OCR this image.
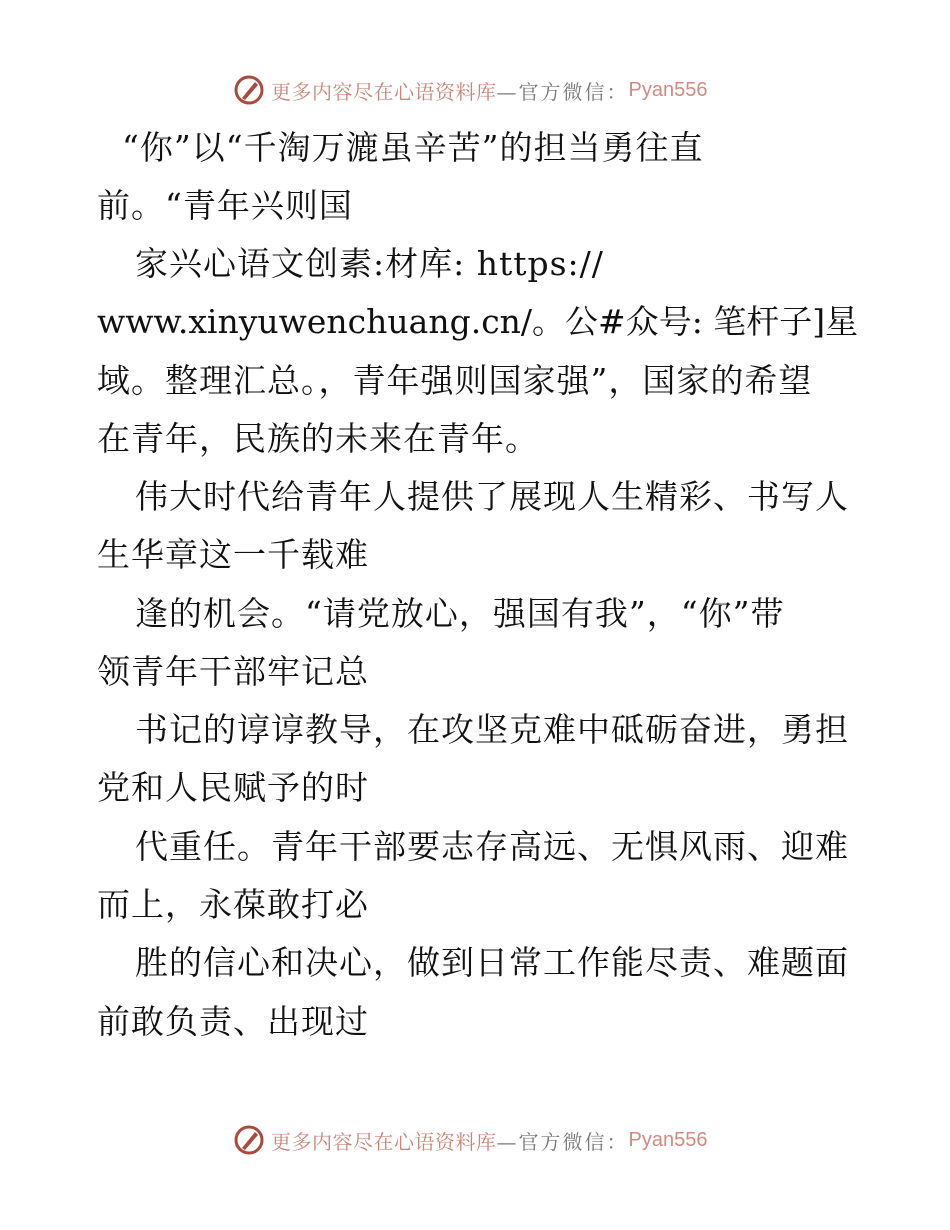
更多内容尽在心语资料库 —官方微信： Pyan556
“你”以“千淘万漉虽辛苦”的担当勇往直
前。“青年兴则国
家兴心语文创素:材库: https://
www.xinyuwenchuang.cn/。公#众号: 笔杆子]星
域。整理汇总。，青年强则国家强”，国家的希望
在青年，民族的未来在青年。
伟大时代给青年人提供了展现人生精彩、书写人
生华章这一千载难
逢的机会。“请党放心，强国有我”，“你”带
领青年干部牢记总
书记的谆谆教导，在攻坚克难中砥砺奋进，勇担
党和人民赋予的时
代重任。青年干部要志存高远、无惧风雨、迎难
而上，永葆敢打必
胜的信心和决心，做到日常工作能尽责、难题面
前敢负责、出现过
更多内容尽在心语资料库 —官方微信： Pyan556
